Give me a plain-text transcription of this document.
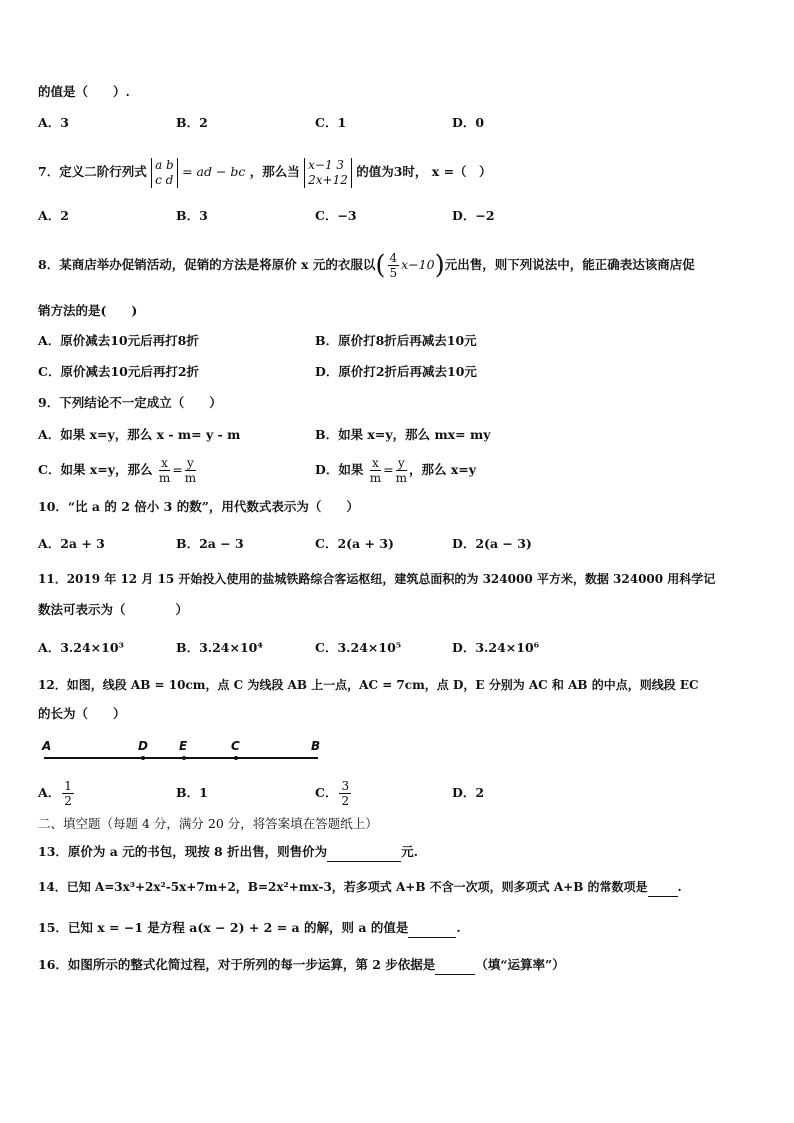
的值是（　　）.
A．3	B．2	C．1	D．0
7．定义二阶行列式 a b
c d
= ad − bc ，那么当 x−1 3
2x+12
的值为3时， x =（　）
A．2	B．3	C．−3	D．−2
8．某商店举办促销活动，促销的方法是将原价 x 元的衣服以( $\frac{4}{5} x-10$)元出售，则下列说法中，能正确表达该商店促
销方法的是(　　)
A．原价减去10元后再打8折	B．原价打8折后再减去10元
C．原价减去10元后再打2折	D．原价打2折后再减去10元
9．下列结论不一定成立（　　）
A．如果 x=y，那么 x - m= y - m	B．如果 x=y，那么 mx= my
C．如果 x=y，那么 $\frac{x}{m} = \frac{y}{m}$	D．如果 $\frac{x}{m} = \frac{y}{m}$ ，那么 x=y
10．“比 a 的 2 倍小 3 的数”，用代数式表示为（　　）
A．2a + 3	B．2a − 3	C．2(a + 3)	D．2(a − 3)
11．2019 年 12 月 15 开始投入使用的盐城铁路综合客运枢纽，建筑总面积的为 324000 平方米，数据 324000 用科学记
数法可表示为（　　　　）
A．3.24×10³	B．3.24×10⁴	C．3.24×10⁵	D．3.24×10⁶
12．如图，线段 AB = 10cm，点 C 为线段 AB 上一点，AC = 7cm，点 D，E 分别为 AC 和 AB 的中点，则线段 EC
的长为（　　）
A	D	E	C	B
A． $\frac{1}{2}$	B．1	C． $\frac{3}{2}$	D．2
二、填空题（每题 4 分，满分 20 分，将答案填在答题纸上）
13．原价为 a 元的书包，现按 8 折出售，则售价为	元.
14．已知 A=3x³+2x²-5x+7m+2，B=2x²+mx-3，若多项式 A+B 不含一次项，则多项式 A+B 的常数项是	.
15．已知 x = −1 是方程 a(x − 2) + 2 = a 的解，则 a 的值是	.
16．如图所示的整式化简过程，对于所列的每一步运算，第 2 步依据是	（填“运算率”）
